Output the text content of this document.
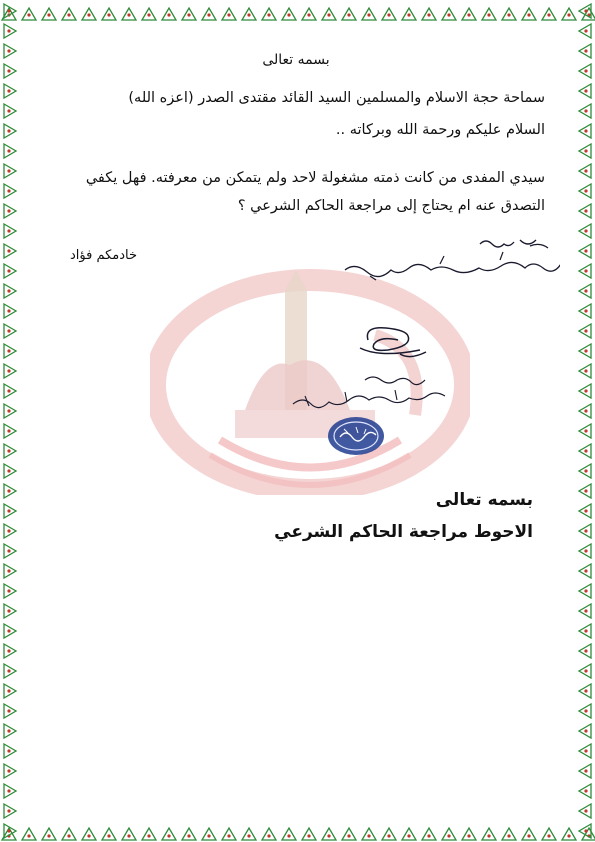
بسمه تعالى
سماحة حجة الاسلام والمسلمين السيد القائد مقتدى الصدر (اعزه الله)
السلام عليكم ورحمة الله وبركاته ..
سيدي المفدى من كانت ذمته مشغولة لاحد ولم يتمكن من معرفته. فهل يكفي
التصدق عنه ام يحتاج إلى مراجعة الحاكم الشرعي ؟
خادمكم فؤاد
بسمه تعالى
الاحوط مراجعة الحاكم الشرعي
